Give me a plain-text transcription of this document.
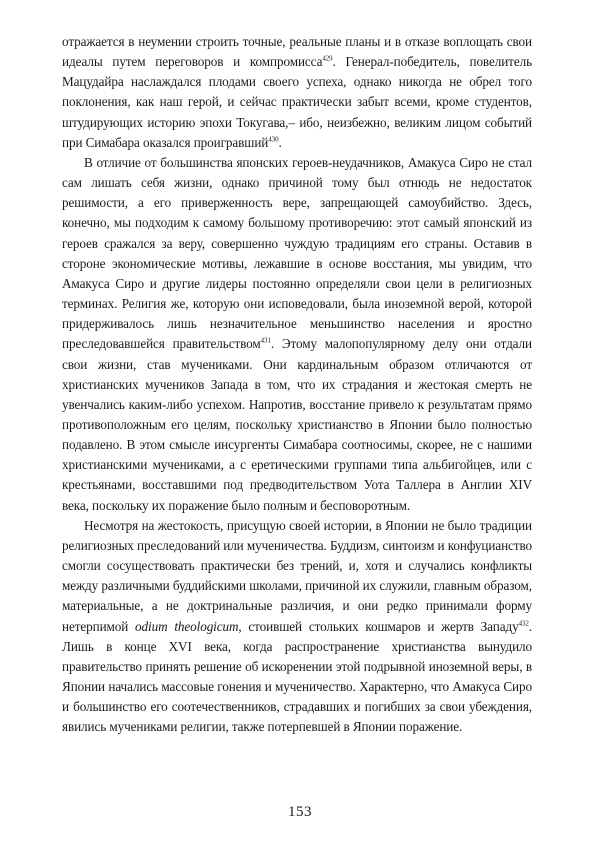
отражается в неумении строить точные, реальные планы и в отказе воплощать свои идеалы путем переговоров и компромисса$^{429}$. Генерал-победитель, повелитель Мацудайра наслаждался плодами своего успеха, однако никогда не обрел того поклонения, как наш герой, и сейчас практически забыт всеми, кроме студентов, штудирующих историю эпохи Токугава,– ибо, неизбежно, великим лицом событий при Симабара оказался проигравший$^{430}$.

В отличие от большинства японских героев-неудачников, Амакуса Сиро не стал сам лишать себя жизни, однако причиной тому был отнюдь не недостаток решимости, а его приверженность вере, запрещающей самоубийство. Здесь, конечно, мы подходим к самому большому противоречию: этот самый японский из героев сражался за веру, совершенно чуждую традициям его страны. Оставив в стороне экономические мотивы, лежавшие в основе восстания, мы увидим, что Амакуса Сиро и другие лидеры постоянно определяли свои цели в религиозных терминах. Религия же, которую они исповедовали, была иноземной верой, которой придерживалось лишь незначительное меньшинство населения и яростно преследовавшейся правительством$^{431}$. Этому малопопулярному делу они отдали свои жизни, став мучениками. Они кардинальным образом отличаются от христианских мучеников Запада в том, что их страдания и жестокая смерть не увенчались каким-либо успехом. Напротив, восстание привело к результатам прямо противоположным его целям, поскольку христианство в Японии было полностью подавлено. В этом смысле инсургенты Симабара соотносимы, скорее, не с нашими христианскими мучениками, а с еретическими группами типа альбигойцев, или с крестьянами, восставшими под предводительством Уота Таллера в Англии XIV века, поскольку их поражение было полным и бесповоротным.

Несмотря на жестокость, присущую своей истории, в Японии не было традиции религиозных преследований или мученичества. Буддизм, синтоизм и конфуцианство смогли сосуществовать практически без трений, и, хотя и случались конфликты между различными буддийскими школами, причиной их служили, главным образом, материальные, а не доктринальные различия, и они редко принимали форму нетерпимой odium theologicum, стоившей стольких кошмаров и жертв Западу$^{432}$. Лишь в конце XVI века, когда распространение христианства вынудило правительство принять решение об искоренении этой подрывной иноземной веры, в Японии начались массовые гонения и мученичество. Характерно, что Амакуса Сиро и большинство его соотечественников, страдавших и погибших за свои убеждения, явились мучениками религии, также потерпевшей в Японии поражение.

153
